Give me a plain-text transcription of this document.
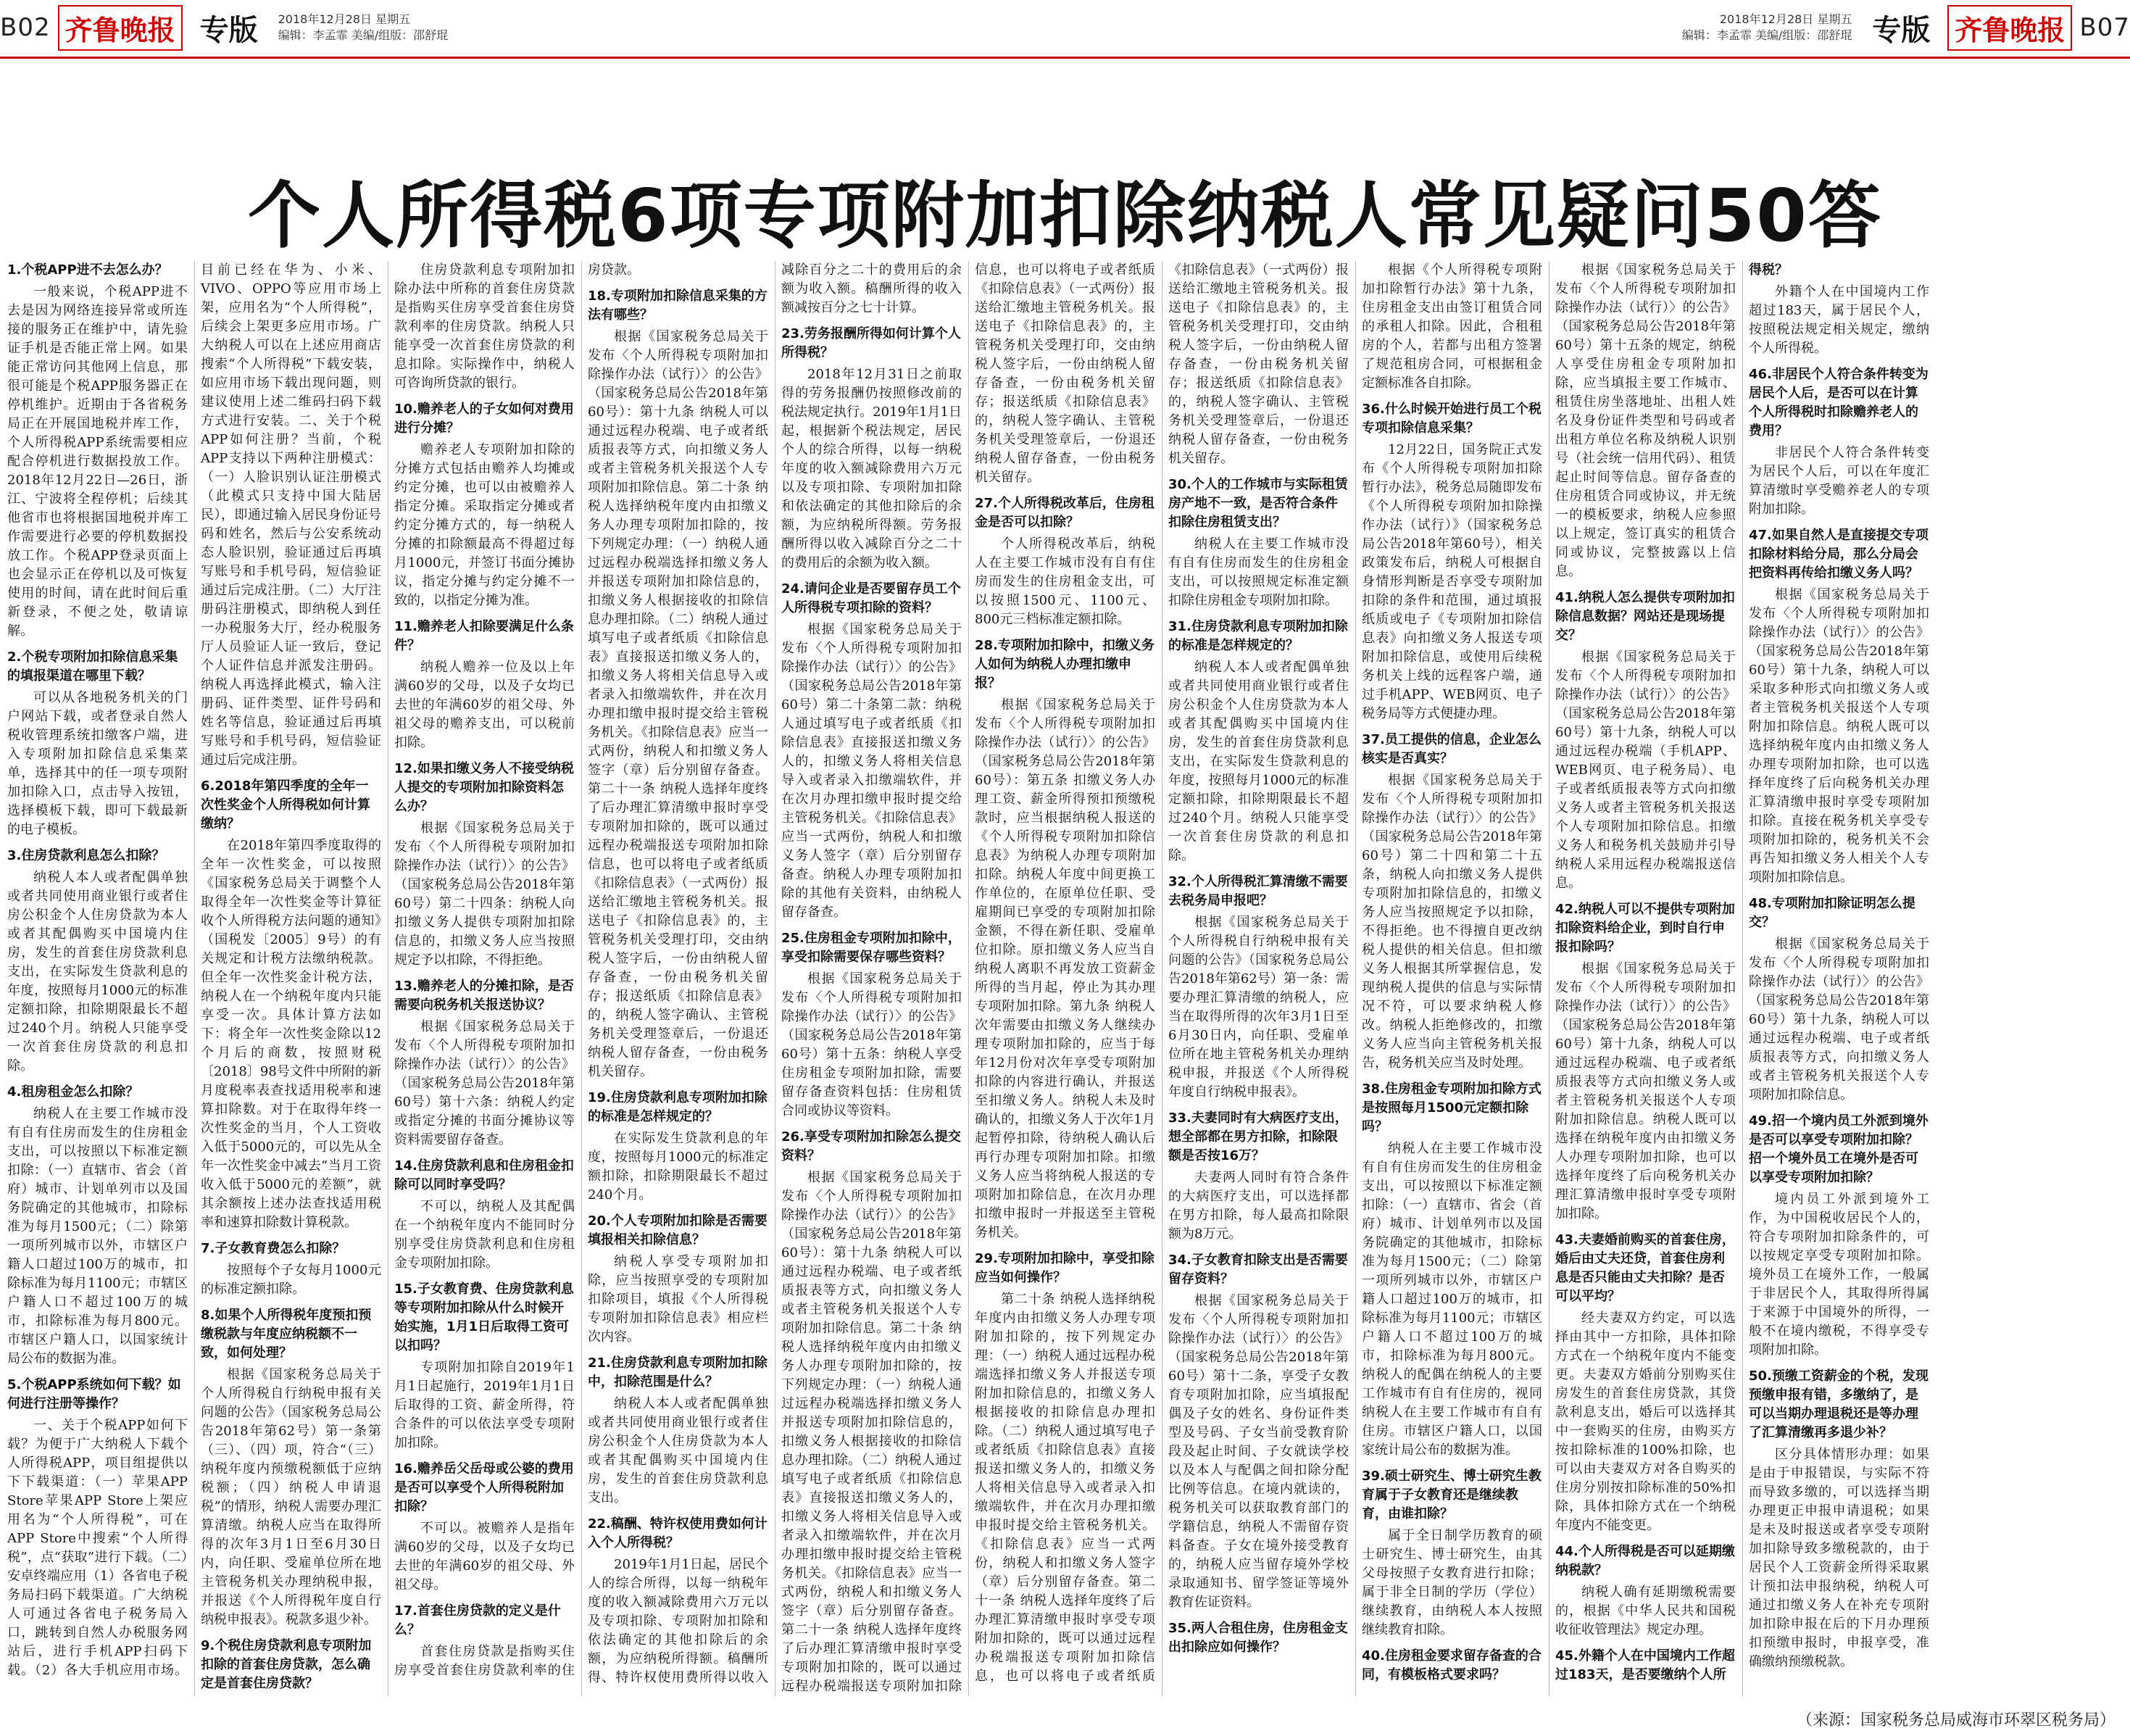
B02 齐鲁晚报 专版 2018年12月28日 星期五
编辑：李孟霏 美编/组版：邵舒琨
2018年12月28日 星期五
编辑：李孟霏 美编/组版：邵舒琨 专版 齐鲁晚报 B07
个人所得税6项专项附加扣除纳税人常见疑问50答
1.个税APP进不去怎么办？

一般来说，个税APP进不去是因为网络连接异常或所连接的服务正在维护中，请先验证手机是否能正常上网。如果能正常访问其他网上信息，那很可能是个税APP服务器正在停机维护。近期由于各省税务局正在开展国地税并库工作，个人所得税APP系统需要相应配合停机进行数据投放工作。2018年12月22日—26日，浙江、宁波将全程停机；后续其他省市也将根据国地税并库工作需要进行必要的停机数据投放工作。个税APP登录页面上也会显示正在停机以及可恢复使用的时间，请在此时间后重新登录，不便之处，敬请谅解。

2.个税专项附加扣除信息采集的填报渠道在哪里下载？

可以从各地税务机关的门户网站下载，或者登录自然人税收管理系统扣缴客户端，进入专项附加扣除信息采集菜单，选择其中的任一项专项附加扣除入口，点击导入按钮，选择模板下载，即可下载最新的电子模板。

3.住房贷款利息怎么扣除？

纳税人本人或者配偶单独或者共同使用商业银行或者住房公积金个人住房贷款为本人或者其配偶购买中国境内住房，发生的首套住房贷款利息支出，在实际发生贷款利息的年度，按照每月1000元的标准定额扣除，扣除期限最长不超过240个月。纳税人只能享受一次首套住房贷款的利息扣除。

4.租房租金怎么扣除？

纳税人在主要工作城市没有自有住房而发生的住房租金支出，可以按照以下标准定额扣除：（一）直辖市、省会（首府）城市、计划单列市以及国务院确定的其他城市，扣除标准为每月1500元；（二）除第一项所列城市以外，市辖区户籍人口超过100万的城市，扣除标准为每月1100元；市辖区户籍人口不超过100万的城市，扣除标准为每月800元。市辖区户籍人口，以国家统计局公布的数据为准。

5.个税APP系统如何下载？如何进行注册等操作？

一、关于个税APP如何下载？为便于广大纳税人下载个人所得税APP，项目组提供以下下载渠道：（一）苹果APP Store苹果APP Store上架应用名为“个人所得税”，可在APP Store中搜索“个人所得税”，点“获取”进行下载。（二）安卓终端应用（1）各省电子税务局扫码下载渠道。广大纳税人可通过各省电子税务局入口，跳转到自然人办税服务网站后，进行手机APP扫码下载。（2）各大手机应用市场。目前已经在华为、小米、VIVO、OPPO等应用市场上架，应用名为“个人所得税”，后续会上架更多应用市场。广大纳税人可以在上述应用商店搜索“个人所得税”下载安装，如应用市场下载出现问题，则建议使用上述二维码扫码下载方式进行安装。二、关于个税APP如何注册？当前，个税APP支持以下两种注册模式：（一）人脸识别认证注册模式（此模式只支持中国大陆居民），即通过输入居民身份证号码和姓名，然后与公安系统动态人脸识别，验证通过后再填写账号和手机号码，短信验证通过后完成注册。（二）大厅注册码注册模式，即纳税人到任一办税服务大厅，经办税服务厅人员验证人证一致后，登记个人证件信息并派发注册码。纳税人再选择此模式，输入注册码、证件类型、证件号码和姓名等信息，验证通过后再填写账号和手机号码，短信验证通过后完成注册。

6.2018年第四季度的全年一次性奖金个人所得税如何计算缴纳？

在2018年第四季度取得的全年一次性奖金，可以按照《国家税务总局关于调整个人取得全年一次性奖金等计算征收个人所得税方法问题的通知》（国税发〔2005〕9号）的有关规定和计税方法缴纳税款。但全年一次性奖金计税方法，纳税人在一个纳税年度内只能享受一次。具体计算方法如下：将全年一次性奖金除以12个月后的商数，按照财税〔2018〕98号文件中所附的新月度税率表查找适用税率和速算扣除数。对于在取得年终一次性奖金的当月，个人工资收入低于5000元的，可以先从全年一次性奖金中减去“当月工资收入低于5000元的差额”，就其余额按上述办法查找适用税率和速算扣除数计算税款。

7.子女教育费怎么扣除？

按照每个子女每月1000元的标准定额扣除。

8.如果个人所得税年度预扣预缴税款与年度应纳税额不一致，如何处理？

根据《国家税务总局关于个人所得税自行纳税申报有关问题的公告》（国家税务总局公告2018年第62号）第一条第（三）、（四）项，符合“（三）纳税年度内预缴税额低于应纳税额；（四）纳税人申请退税”的情形，纳税人需要办理汇算清缴。纳税人应当在取得所得的次年3月1日至6月30日内，向任职、受雇单位所在地主管税务机关办理纳税申报，并报送《个人所得税年度自行纳税申报表》。税款多退少补。

9.个税住房贷款利息专项附加扣除的首套住房贷款，怎么确定是首套住房贷款？

住房贷款利息专项附加扣除办法中所称的首套住房贷款是指购买住房享受首套住房贷款利率的住房贷款。纳税人只能享受一次首套住房贷款的利息扣除。实际操作中，纳税人可咨询所贷款的银行。

10.赡养老人的子女如何对费用进行分摊？

赡养老人专项附加扣除的分摊方式包括由赡养人均摊或约定分摊，也可以由被赡养人指定分摊。采取指定分摊或者约定分摊方式的，每一纳税人分摊的扣除额最高不得超过每月1000元，并签订书面分摊协议，指定分摊与约定分摊不一致的，以指定分摊为准。

11.赡养老人扣除要满足什么条件？

纳税人赡养一位及以上年满60岁的父母，以及子女均已去世的年满60岁的祖父母、外祖父母的赡养支出，可以税前扣除。

12.如果扣缴义务人不接受纳税人提交的专项附加扣除资料怎么办？

根据《国家税务总局关于发布〈个人所得税专项附加扣除操作办法（试行）〉的公告》（国家税务总局公告2018年第60号）第二十四条：纳税人向扣缴义务人提供专项附加扣除信息的，扣缴义务人应当按照规定予以扣除，不得拒绝。

13.赡养老人的分摊扣除，是否需要向税务机关报送协议？

根据《国家税务总局关于发布〈个人所得税专项附加扣除操作办法（试行）〉的公告》（国家税务总局公告2018年第60号）第十六条：纳税人约定或指定分摊的书面分摊协议等资料需要留存备查。

14.住房贷款利息和住房租金扣除可以同时享受吗？

不可以，纳税人及其配偶在一个纳税年度内不能同时分别享受住房贷款利息和住房租金专项附加扣除。

15.子女教育费、住房贷款利息等专项附加扣除从什么时候开始实施，1月1日后取得工资可以扣吗？

专项附加扣除自2019年1月1日起施行，2019年1月1日后取得的工资、薪金所得，符合条件的可以依法享受专项附加扣除。

16.赡养岳父岳母或公婆的费用是否可以享受个人所得税附加扣除？

不可以。被赡养人是指年满60岁的父母，以及子女均已去世的年满60岁的祖父母、外祖父母。

17.首套住房贷款的定义是什么？

首套住房贷款是指购买住房享受首套住房贷款利率的住房贷款。

18.专项附加扣除信息采集的方法有哪些？

根据《国家税务总局关于发布〈个人所得税专项附加扣除操作办法（试行）〉的公告》（国家税务总局公告2018年第60号）：第十九条 纳税人可以通过远程办税端、电子或者纸质报表等方式，向扣缴义务人或者主管税务机关报送个人专项附加扣除信息。第二十条 纳税人选择纳税年度内由扣缴义务人办理专项附加扣除的，按下列规定办理：（一）纳税人通过远程办税端选择扣缴义务人并报送专项附加扣除信息的，扣缴义务人根据接收的扣除信息办理扣除。（二）纳税人通过填写电子或者纸质《扣除信息表》直接报送扣缴义务人的，扣缴义务人将相关信息导入或者录入扣缴端软件，并在次月办理扣缴申报时提交给主管税务机关。《扣除信息表》应当一式两份，纳税人和扣缴义务人签字（章）后分别留存备查。第二十一条 纳税人选择年度终了后办理汇算清缴申报时享受专项附加扣除的，既可以通过远程办税端报送专项附加扣除信息，也可以将电子或者纸质《扣除信息表》（一式两份）报送给汇缴地主管税务机关。报送电子《扣除信息表》的，主管税务机关受理打印，交由纳税人签字后，一份由纳税人留存备查，一份由税务机关留存；报送纸质《扣除信息表》的，纳税人签字确认、主管税务机关受理签章后，一份退还纳税人留存备查，一份由税务机关留存。

19.住房贷款利息专项附加扣除的标准是怎样规定的？

在实际发生贷款利息的年度，按照每月1000元的标准定额扣除，扣除期限最长不超过240个月。

20.个人专项附加扣除是否需要填报相关扣除信息？

纳税人享受专项附加扣除，应当按照享受的专项附加扣除项目，填报《个人所得税专项附加扣除信息表》相应栏次内容。

21.住房贷款利息专项附加扣除中，扣除范围是什么？

纳税人本人或者配偶单独或者共同使用商业银行或者住房公积金个人住房贷款为本人或者其配偶购买中国境内住房，发生的首套住房贷款利息支出。

22.稿酬、特许权使用费如何计入个人所得税？

2019年1月1日起，居民个人的综合所得，以每一纳税年度的收入额减除费用六万元以及专项扣除、专项附加扣除和依法确定的其他扣除后的余额，为应纳税所得额。稿酬所得、特许权使用费所得以收入减除百分之二十的费用后的余额为收入额。稿酬所得的收入额减按百分之七十计算。

23.劳务报酬所得如何计算个人所得税？

2018年12月31日之前取得的劳务报酬仍按照修改前的税法规定执行。2019年1月1日起，根据新个税法规定，居民个人的综合所得，以每一纳税年度的收入额减除费用六万元以及专项扣除、专项附加扣除和依法确定的其他扣除后的余额，为应纳税所得额。劳务报酬所得以收入减除百分之二十的费用后的余额为收入额。

24.请问企业是否要留存员工个人所得税专项扣除的资料？

根据《国家税务总局关于发布〈个人所得税专项附加扣除操作办法（试行）〉的公告》（国家税务总局公告2018年第60号）第二十条第二款：纳税人通过填写电子或者纸质《扣除信息表》直接报送扣缴义务人的，扣缴义务人将相关信息导入或者录入扣缴端软件，并在次月办理扣缴申报时提交给主管税务机关。《扣除信息表》应当一式两份，纳税人和扣缴义务人签字（章）后分别留存备查。纳税人办理专项附加扣除的其他有关资料，由纳税人留存备查。

25.住房租金专项附加扣除中，享受扣除需要保存哪些资料？

根据《国家税务总局关于发布〈个人所得税专项附加扣除操作办法（试行）〉的公告》（国家税务总局公告2018年第60号）第十五条：纳税人享受住房租金专项附加扣除，需要留存备查资料包括：住房租赁合同或协议等资料。

26.享受专项附加扣除怎么提交资料？

根据《国家税务总局关于发布〈个人所得税专项附加扣除操作办法（试行）〉的公告》（国家税务总局公告2018年第60号）：第十九条 纳税人可以通过远程办税端、电子或者纸质报表等方式，向扣缴义务人或者主管税务机关报送个人专项附加扣除信息。第二十条 纳税人选择纳税年度内由扣缴义务人办理专项附加扣除的，按下列规定办理：（一）纳税人通过远程办税端选择扣缴义务人并报送专项附加扣除信息的，扣缴义务人根据接收的扣除信息办理扣除。（二）纳税人通过填写电子或者纸质《扣除信息表》直接报送扣缴义务人的，扣缴义务人将相关信息导入或者录入扣缴端软件，并在次月办理扣缴申报时提交给主管税务机关。《扣除信息表》应当一式两份，纳税人和扣缴义务人签字（章）后分别留存备查。第二十一条 纳税人选择年度终了后办理汇算清缴申报时享受专项附加扣除的，既可以通过远程办税端报送专项附加扣除信息，也可以将电子或者纸质《扣除信息表》（一式两份）报送给汇缴地主管税务机关。报送电子《扣除信息表》的，主管税务机关受理打印，交由纳税人签字后，一份由纳税人留存备查，一份由税务机关留存；报送纸质《扣除信息表》的，纳税人签字确认、主管税务机关受理签章后，一份退还纳税人留存备查，一份由税务机关留存。

27.个人所得税改革后，住房租金是否可以扣除？

个人所得税改革后，纳税人在主要工作城市没有自有住房而发生的住房租金支出，可以按照1500元、1100元、800元三档标准定额扣除。

28.专项附加扣除中，扣缴义务人如何为纳税人办理扣缴申报？

根据《国家税务总局关于发布〈个人所得税专项附加扣除操作办法（试行）〉的公告》（国家税务总局公告2018年第60号）：第五条 扣缴义务人办理工资、薪金所得预扣预缴税款时，应当根据纳税人报送的《个人所得税专项附加扣除信息表》为纳税人办理专项附加扣除。纳税人年度中间更换工作单位的，在原单位任职、受雇期间已享受的专项附加扣除金额，不得在新任职、受雇单位扣除。原扣缴义务人应当自纳税人离职不再发放工资薪金所得的当月起，停止为其办理专项附加扣除。第九条 纳税人次年需要由扣缴义务人继续办理专项附加扣除的，应当于每年12月份对次年享受专项附加扣除的内容进行确认，并报送至扣缴义务人。纳税人未及时确认的，扣缴义务人于次年1月起暂停扣除，待纳税人确认后再行办理专项附加扣除。扣缴义务人应当将纳税人报送的专项附加扣除信息，在次月办理扣缴申报时一并报送至主管税务机关。

29.专项附加扣除中，享受扣除应当如何操作？

第二十条 纳税人选择纳税年度内由扣缴义务人办理专项附加扣除的，按下列规定办理：（一）纳税人通过远程办税端选择扣缴义务人并报送专项附加扣除信息的，扣缴义务人根据接收的扣除信息办理扣除。（二）纳税人通过填写电子或者纸质《扣除信息表》直接报送扣缴义务人的，扣缴义务人将相关信息导入或者录入扣缴端软件，并在次月办理扣缴申报时提交给主管税务机关。《扣除信息表》应当一式两份，纳税人和扣缴义务人签字（章）后分别留存备查。第二十一条 纳税人选择年度终了后办理汇算清缴申报时享受专项附加扣除的，既可以通过远程办税端报送专项附加扣除信息，也可以将电子或者纸质《扣除信息表》（一式两份）报送给汇缴地主管税务机关。报送电子《扣除信息表》的，主管税务机关受理打印，交由纳税人签字后，一份由纳税人留存备查，一份由税务机关留存；报送纸质《扣除信息表》的，纳税人签字确认、主管税务机关受理签章后，一份退还纳税人留存备查，一份由税务机关留存。

30.个人的工作城市与实际租赁房产地不一致，是否符合条件扣除住房租赁支出？

纳税人在主要工作城市没有自有住房而发生的住房租金支出，可以按照规定标准定额扣除住房租金专项附加扣除。

31.住房贷款利息专项附加扣除的标准是怎样规定的？

纳税人本人或者配偶单独或者共同使用商业银行或者住房公积金个人住房贷款为本人或者其配偶购买中国境内住房，发生的首套住房贷款利息支出，在实际发生贷款利息的年度，按照每月1000元的标准定额扣除，扣除期限最长不超过240个月。纳税人只能享受一次首套住房贷款的利息扣除。

32.个人所得税汇算清缴不需要去税务局申报吧？

根据《国家税务总局关于个人所得税自行纳税申报有关问题的公告》（国家税务总局公告2018年第62号）第一条：需要办理汇算清缴的纳税人，应当在取得所得的次年3月1日至6月30日内，向任职、受雇单位所在地主管税务机关办理纳税申报，并报送《个人所得税年度自行纳税申报表》。

33.夫妻同时有大病医疗支出，想全部都在男方扣除，扣除限额是否按16万？

夫妻两人同时有符合条件的大病医疗支出，可以选择都在男方扣除，每人最高扣除限额为8万元。

34.子女教育扣除支出是否需要留存资料？

根据《国家税务总局关于发布〈个人所得税专项附加扣除操作办法（试行）〉的公告》（国家税务总局公告2018年第60号）第十二条，享受子女教育专项附加扣除，应当填报配偶及子女的姓名、身份证件类型及号码、子女当前受教育阶段及起止时间、子女就读学校以及本人与配偶之间扣除分配比例等信息。在境内就读的，税务机关可以获取教育部门的学籍信息，纳税人不需留存资料备查。子女在境外接受教育的，纳税人应当留存境外学校录取通知书、留学签证等境外教育佐证资料。

35.两人合租住房，住房租金支出扣除应如何操作？

根据《个人所得税专项附加扣除暂行办法》第十九条，住房租金支出由签订租赁合同的承租人扣除。因此，合租租房的个人，若都与出租方签署了规范租房合同，可根据租金定额标准各自扣除。

36.什么时候开始进行员工个税专项扣除信息采集？

12月22日，国务院正式发布《个人所得税专项附加扣除暂行办法》，税务总局随即发布《个人所得税专项附加扣除操作办法（试行）》（国家税务总局公告2018年第60号），相关政策发布后，纳税人可根据自身情形判断是否享受专项附加扣除的条件和范围，通过填报纸质或电子《专项附加扣除信息表》向扣缴义务人报送专项附加扣除信息，或使用后续税务机关上线的远程客户端，通过手机APP、WEB网页、电子税务局等方式便捷办理。

37.员工提供的信息，企业怎么核实是否真实？

根据《国家税务总局关于发布〈个人所得税专项附加扣除操作办法（试行）〉的公告》（国家税务总局公告2018年第60号）第二十四和第二十五条，纳税人向扣缴义务人提供专项附加扣除信息的，扣缴义务人应当按照规定予以扣除，不得拒绝。也不得擅自更改纳税人提供的相关信息。但扣缴义务人根据其所掌握信息，发现纳税人提供的信息与实际情况不符，可以要求纳税人修改。纳税人拒绝修改的，扣缴义务人应当向主管税务机关报告，税务机关应当及时处理。

38.住房租金专项附加扣除方式是按照每月1500元定额扣除吗？

纳税人在主要工作城市没有自有住房而发生的住房租金支出，可以按照以下标准定额扣除：（一）直辖市、省会（首府）城市、计划单列市以及国务院确定的其他城市，扣除标准为每月1500元；（二）除第一项所列城市以外，市辖区户籍人口超过100万的城市，扣除标准为每月1100元；市辖区户籍人口不超过100万的城市，扣除标准为每月800元。纳税人的配偶在纳税人的主要工作城市有自有住房的，视同纳税人在主要工作城市有自有住房。市辖区户籍人口，以国家统计局公布的数据为准。

39.硕士研究生、博士研究生教育属于子女教育还是继续教育，由谁扣除？

属于全日制学历教育的硕士研究生、博士研究生，由其父母按照子女教育进行扣除；属于非全日制的学历（学位）继续教育，由纳税人本人按照继续教育扣除。

40.住房租金要求留存备查的合同，有模板格式要求吗？

根据《国家税务总局关于发布〈个人所得税专项附加扣除操作办法（试行）〉的公告》（国家税务总局公告2018年第60号）第十五条的规定，纳税人享受住房租金专项附加扣除，应当填报主要工作城市、租赁住房坐落地址、出租人姓名及身份证件类型和号码或者出租方单位名称及纳税人识别号（社会统一信用代码）、租赁起止时间等信息。留存备查的住房租赁合同或协议，并无统一的模板要求，纳税人应参照以上规定，签订真实的租赁合同或协议，完整披露以上信息。

41.纳税人怎么提供专项附加扣除信息数据？网站还是现场提交？

根据《国家税务总局关于发布〈个人所得税专项附加扣除操作办法（试行）〉的公告》（国家税务总局公告2018年第60号）第十九条，纳税人可以通过远程办税端（手机APP、WEB网页、电子税务局）、电子或者纸质报表等方式向扣缴义务人或者主管税务机关报送个人专项附加扣除信息。扣缴义务人和税务机关鼓励并引导纳税人采用远程办税端报送信息。

42.纳税人可以不提供专项附加扣除资料给企业，到时自行申报扣除吗？

根据《国家税务总局关于发布〈个人所得税专项附加扣除操作办法（试行）〉的公告》（国家税务总局公告2018年第60号）第十九条，纳税人可以通过远程办税端、电子或者纸质报表等方式向扣缴义务人或者主管税务机关报送个人专项附加扣除信息。纳税人既可以选择在纳税年度内由扣缴义务人办理专项附加扣除，也可以选择年度终了后向税务机关办理汇算清缴申报时享受专项附加扣除。

43.夫妻婚前购买的首套住房，婚后由丈夫还贷，首套住房利息是否只能由丈夫扣除？是否可以平均？

经夫妻双方约定，可以选择由其中一方扣除，具体扣除方式在一个纳税年度内不能变更。夫妻双方婚前分别购买住房发生的首套住房贷款，其贷款利息支出，婚后可以选择其中一套购买的住房，由购买方按扣除标准的100%扣除，也可以由夫妻双方对各自购买的住房分别按扣除标准的50%扣除，具体扣除方式在一个纳税年度内不能变更。

44.个人所得税是否可以延期缴纳税款？

纳税人确有延期缴税需要的，根据《中华人民共和国税收征收管理法》规定办理。

45.外籍个人在中国境内工作超过183天，是否要缴纳个人所得税？

外籍个人在中国境内工作超过183天，属于居民个人，按照税法规定相关规定，缴纳个人所得税。

46.非居民个人符合条件转变为居民个人后，是否可以在计算个人所得税时扣除赡养老人的费用？

非居民个人符合条件转变为居民个人后，可以在年度汇算清缴时享受赡养老人的专项附加扣除。

47.如果自然人是直接提交专项扣除材料给分局，那么分局会把资料再传给扣缴义务人吗？

根据《国家税务总局关于发布〈个人所得税专项附加扣除操作办法（试行）〉的公告》（国家税务总局公告2018年第60号）第十九条，纳税人可以采取多种形式向扣缴义务人或者主管税务机关报送个人专项附加扣除信息。纳税人既可以选择纳税年度内由扣缴义务人办理专项附加扣除，也可以选择年度终了后向税务机关办理汇算清缴申报时享受专项附加扣除。直接在税务机关享受专项附加扣除的，税务机关不会再告知扣缴义务人相关个人专项附加扣除信息。

48.专项附加扣除证明怎么提交？

根据《国家税务总局关于发布〈个人所得税专项附加扣除操作办法（试行）〉的公告》（国家税务总局公告2018年第60号）第十九条，纳税人可以通过远程办税端、电子或者纸质报表等方式，向扣缴义务人或者主管税务机关报送个人专项附加扣除信息。

49.招一个境内员工外派到境外是否可以享受专项附加扣除？招一个境外员工在境外是否可以享受专项附加扣除？

境内员工外派到境外工作，为中国税收居民个人的，符合专项附加扣除条件的，可以按规定享受专项附加扣除。境外员工在境外工作，一般属于非居民个人，其取得所得属于来源于中国境外的所得，一般不在境内缴税，不得享受专项附加扣除。

50.预缴工资薪金的个税，发现预缴申报有错，多缴纳了，是可以当期办理退税还是等办理了汇算清缴再多退少补？

区分具体情形办理：如果是由于申报错误，与实际不符而导致多缴的，可以选择当期办理更正申报申请退税；如果是未及时报送或者享受专项附加扣除导致多缴税款的，由于居民个人工资薪金所得采取累计预扣法申报纳税，纳税人可通过扣缴义务人在补充专项附加扣除申报在后的下月办理预扣预缴申报时，申报享受，准确缴纳预缴税款。

（来源：国家税务总局威海市环翠区税务局）
